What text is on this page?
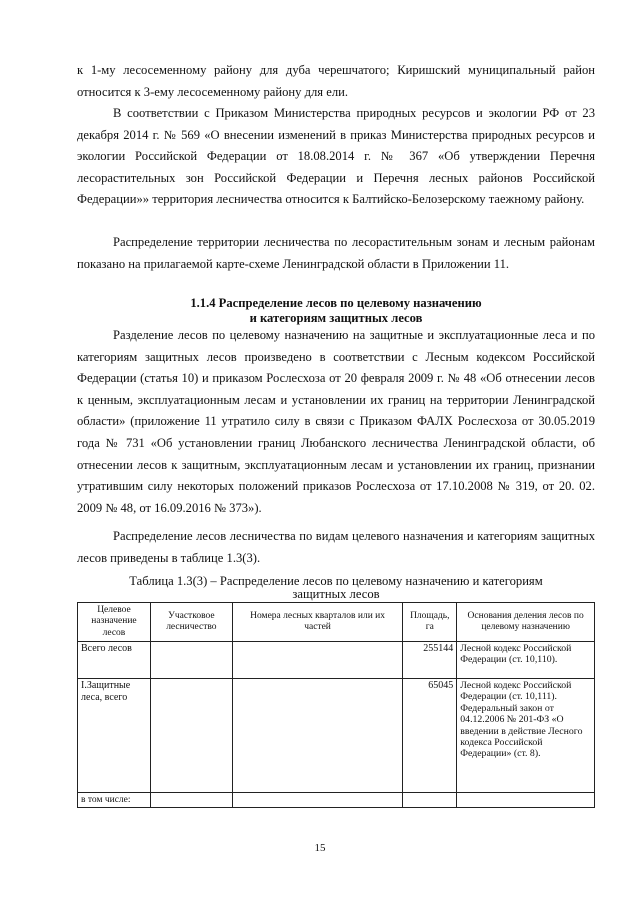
к 1-му лесосеменному району для дуба черешчатого; Киришский муниципальный район относится к 3-ему лесосеменному району для ели.

В соответствии с Приказом Министерства природных ресурсов и экологии РФ от 23 декабря 2014 г. № 569 «О внесении изменений в приказ Министерства природных ресурсов и экологии Российской Федерации от 18.08.2014 г. № 367 «Об утверждении Перечня лесорастительных зон Российской Федерации и Перечня лесных районов Российской Федерации»» территория лесничества относится к Балтийско-Белозерскому таежному району.

Распределение территории лесничества по лесорастительным зонам и лесным районам показано на прилагаемой карте-схеме Ленинградской области в Приложении 11.

1.1.4 Распределение лесов по целевому назначению
и категориям защитных лесов

Разделение лесов по целевому назначению на защитные и эксплуатационные леса и по категориям защитных лесов произведено в соответствии с Лесным кодексом Российской Федерации (статья 10) и приказом Рослесхоза от 20 февраля 2009 г. № 48 «Об отнесении лесов к ценным, эксплуатационным лесам и установлении их границ на территории Ленинградской области» (приложение 11 утратило силу в связи с Приказом ФАЛХ Рослесхоза от 30.05.2019 года № 731 «Об установлении границ Любанского лесничества Ленинградской области, об отнесении лесов к защитным, эксплуатационным лесам и установлении их границ, признании утратившим силу некоторых положений приказов Рослесхоза от 17.10.2008 № 319, от 20. 02. 2009 № 48, от 16.09.2016 № 373»).

Распределение лесов лесничества по видам целевого назначения и категориям защитных лесов приведены в таблице 1.3(3).

Таблица 1.3(3) – Распределение лесов по целевому назначению и категориям
защитных лесов
Целевое назначение лесов	Участковое лесничество	Номера лесных кварталов или их частей	Площадь, га	Основания деления лесов по целевому назначению
Всего лесов			255144	Лесной кодекс Российской Федерации (ст. 10,110).
I.Защитные леса, всего			65045	Лесной кодекс Российской Федерации (ст. 10,111). Федеральный закон от 04.12.2006 № 201-ФЗ «О введении в действие Лесного кодекса Российской Федерации» (ст. 8).
в том числе:				
15
